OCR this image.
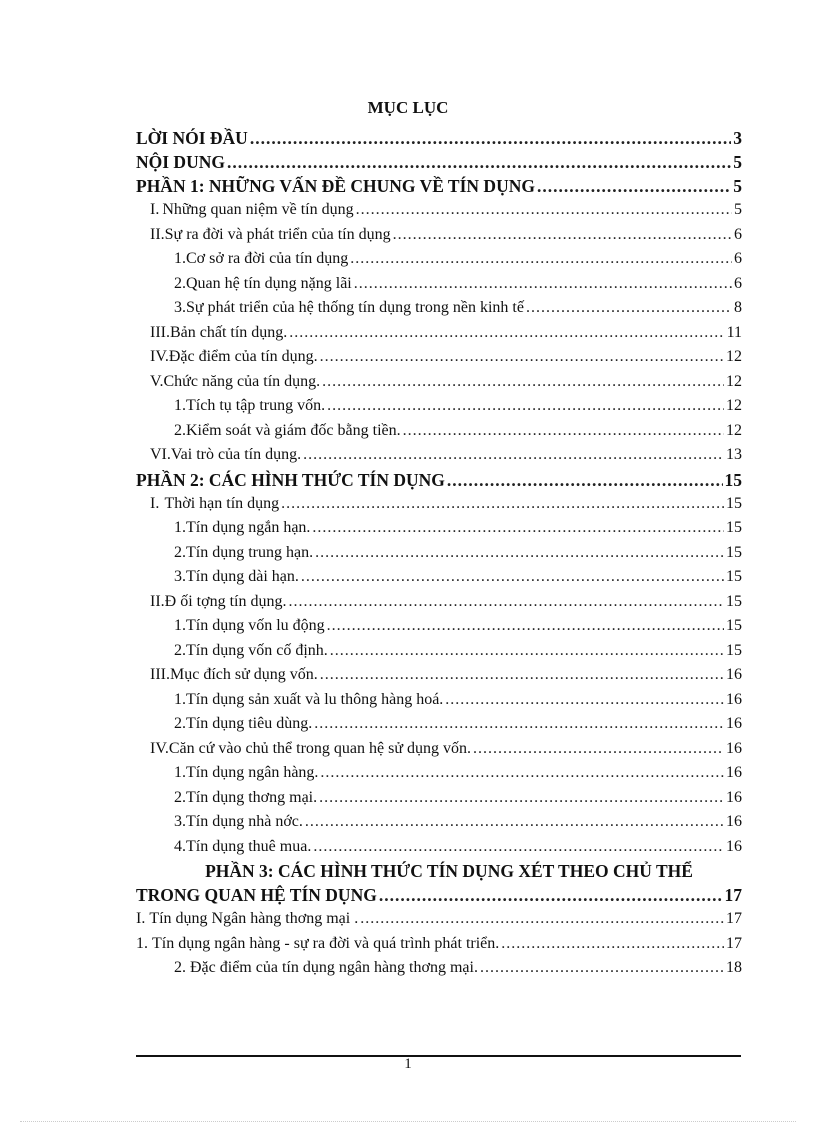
MỤC LỤC
LỜI NÓI ĐẦU .....	3
NỘI DUNG .....	5
PHẦN 1: NHỮNG VẤN ĐỀ CHUNG VỀ TÍN DỤNG .....	5
I. Những quan niệm về tín dụng .....	5
II. Sự ra đời và phát triển của tín dụng .....	6
1. Cơ sở ra đời của tín dụng .....	6
2. Quan hệ tín dụng nặng lãi .....	6
3. Sự phát triển của hệ thống tín dụng trong nền kinh tế .....	8
III. Bản chất tín dụng. .....	11
IV. Đặc điểm của tín dụng. .....	12
V. Chức năng của tín dụng. .....	12
1. Tích tụ tập trung vốn. .....	12
2. Kiểm soát và giám đốc bằng tiền. .....	12
VI. Vai trò của tín dụng. .....	13
PHẦN 2: CÁC HÌNH THỨC TÍN DỤNG .....	15
I. Thời hạn tín dụng .....	15
1. Tín dụng ngắn hạn. .....	15
2. Tín dụng trung hạn. .....	15
3. Tín dụng dài hạn. .....	15
II. Đ ối tợng tín dụng. .....	15
1. Tín dụng vốn lu động .....	15
2. Tín dụng vốn cố định. .....	15
III. Mục đích sử dụng vốn. .....	16
1. Tín dụng sản xuất và lu thông hàng hoá. .....	16
2. Tín dụng tiêu dùng. .....	16
IV. Căn cứ vào chủ thể trong quan hệ sử dụng vốn. .....	16
1. Tín dụng ngân hàng. .....	16
2. Tín dụng thơng mại. .....	16
3. Tín dụng nhà nớc. .....	16
4. Tín dụng thuê mua. .....	16
PHẦN 3: CÁC HÌNH THỨC TÍN DỤNG XÉT THEO CHỦ THỂ
TRONG QUAN HỆ TÍN DỤNG .....	17
I. Tín dụng Ngân hàng thơng mại . .....	17
1. Tín dụng ngân hàng - sự ra đời và quá trình phát triển. .....	17
2. Đặc điểm của tín dụng ngân hàng thơng mại. .....	18
1
